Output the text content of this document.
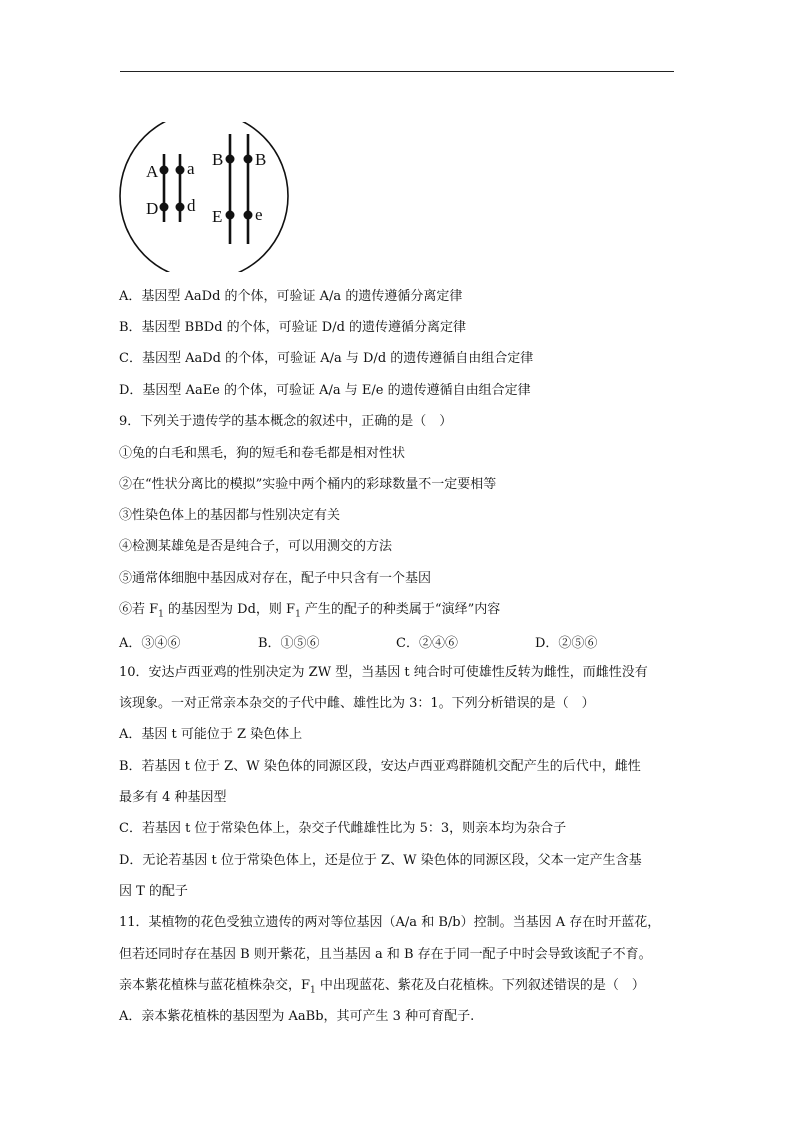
A a
D d
B B
E e
A．基因型 AaDd 的个体，可验证 A/a 的遗传遵循分离定律
B．基因型 BBDd 的个体，可验证 D/d 的遗传遵循分离定律
C．基因型 AaDd 的个体，可验证 A/a 与 D/d 的遗传遵循自由组合定律
D．基因型 AaEe 的个体，可验证 A/a 与 E/e 的遗传遵循自由组合定律
9．下列关于遗传学的基本概念的叙述中，正确的是（　）
①兔的白毛和黑毛，狗的短毛和卷毛都是相对性状
②在“性状分离比的模拟”实验中两个桶内的彩球数量不一定要相等
③性染色体上的基因都与性别决定有关
④检测某雄兔是否是纯合子，可以用测交的方法
⑤通常体细胞中基因成对存在，配子中只含有一个基因
⑥若 $F_1$ 的基因型为 Dd，则 $F_1$ 产生的配子的种类属于“演绎”内容
A．③④⑥	B．①⑤⑥	C．②④⑥	D．②⑤⑥
10．安达卢西亚鸡的性别决定为 ZW 型，当基因 t 纯合时可使雄性反转为雌性，而雌性没有
该现象。一对正常亲本杂交的子代中雌、雄性比为 3：1。下列分析错误的是（　）
A．基因 t 可能位于 Z 染色体上
B．若基因 t 位于 Z、W 染色体的同源区段，安达卢西亚鸡群随机交配产生的后代中，雌性
最多有 4 种基因型
C．若基因 t 位于常染色体上，杂交子代雌雄性比为 5：3，则亲本均为杂合子
D．无论若基因 t 位于常染色体上，还是位于 Z、W 染色体的同源区段，父本一定产生含基
因 T 的配子
11．某植物的花色受独立遗传的两对等位基因（A/a 和 B/b）控制。当基因 A 存在时开蓝花，
但若还同时存在基因 B 则开紫花，且当基因 a 和 B 存在于同一配子中时会导致该配子不育。
亲本紫花植株与蓝花植株杂交，$F_1$ 中出现蓝花、紫花及白花植株。下列叙述错误的是（　）
A．亲本紫花植株的基因型为 AaBb，其可产生 3 种可育配子.
